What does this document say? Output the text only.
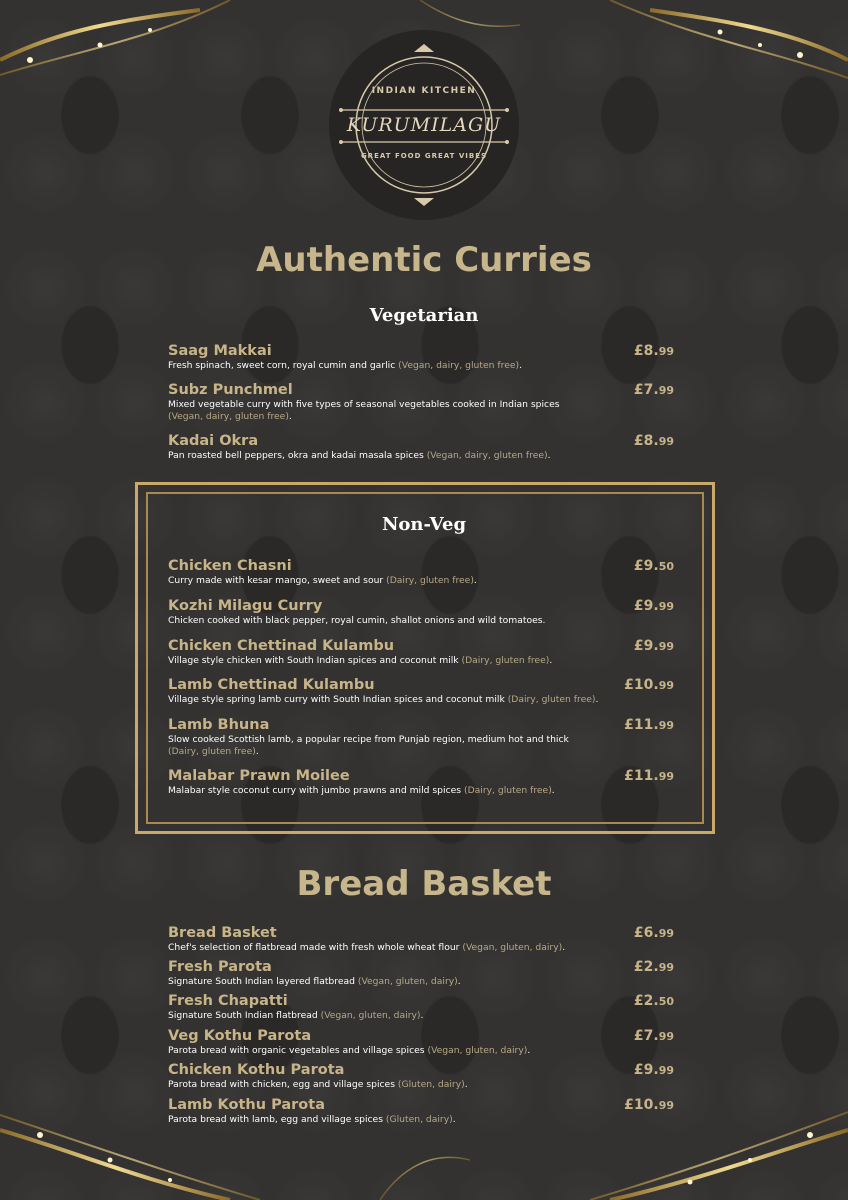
INDIAN KITCHEN
KURUMILAGU
GREAT FOOD GREAT VIBES
Authentic Curries
Vegetarian
Saag Makkai	£8.99
Fresh spinach, sweet corn, royal cumin and garlic (Vegan, dairy, gluten free).
Subz Punchmel	£7.99
Mixed vegetable curry with five types of seasonal vegetables cooked in Indian spices
(Vegan, dairy, gluten free).
Kadai Okra	£8.99
Pan roasted bell peppers, okra and kadai masala spices (Vegan, dairy, gluten free).
Non-Veg
Chicken Chasni	£9.50
Curry made with kesar mango, sweet and sour (Dairy, gluten free).
Kozhi Milagu Curry	£9.99
Chicken cooked with black pepper, royal cumin, shallot onions and wild tomatoes.
Chicken Chettinad Kulambu	£9.99
Village style chicken with South Indian spices and coconut milk (Dairy, gluten free).
Lamb Chettinad Kulambu	£10.99
Village style spring lamb curry with South Indian spices and coconut milk (Dairy, gluten free).
Lamb Bhuna	£11.99
Slow cooked Scottish lamb, a popular recipe from Punjab region, medium hot and thick
(Dairy, gluten free).
Malabar Prawn Moilee	£11.99
Malabar style coconut curry with jumbo prawns and mild spices (Dairy, gluten free).
Bread Basket
Bread Basket	£6.99
Chef's selection of flatbread made with fresh whole wheat flour (Vegan, gluten, dairy).
Fresh Parota	£2.99
Signature South Indian layered flatbread (Vegan, gluten, dairy).
Fresh Chapatti	£2.50
Signature South Indian flatbread (Vegan, gluten, dairy).
Veg Kothu Parota	£7.99
Parota bread with organic vegetables and village spices (Vegan, gluten, dairy).
Chicken Kothu Parota	£9.99
Parota bread with chicken, egg and village spices (Gluten, dairy).
Lamb Kothu Parota	£10.99
Parota bread with lamb, egg and village spices (Gluten, dairy).
